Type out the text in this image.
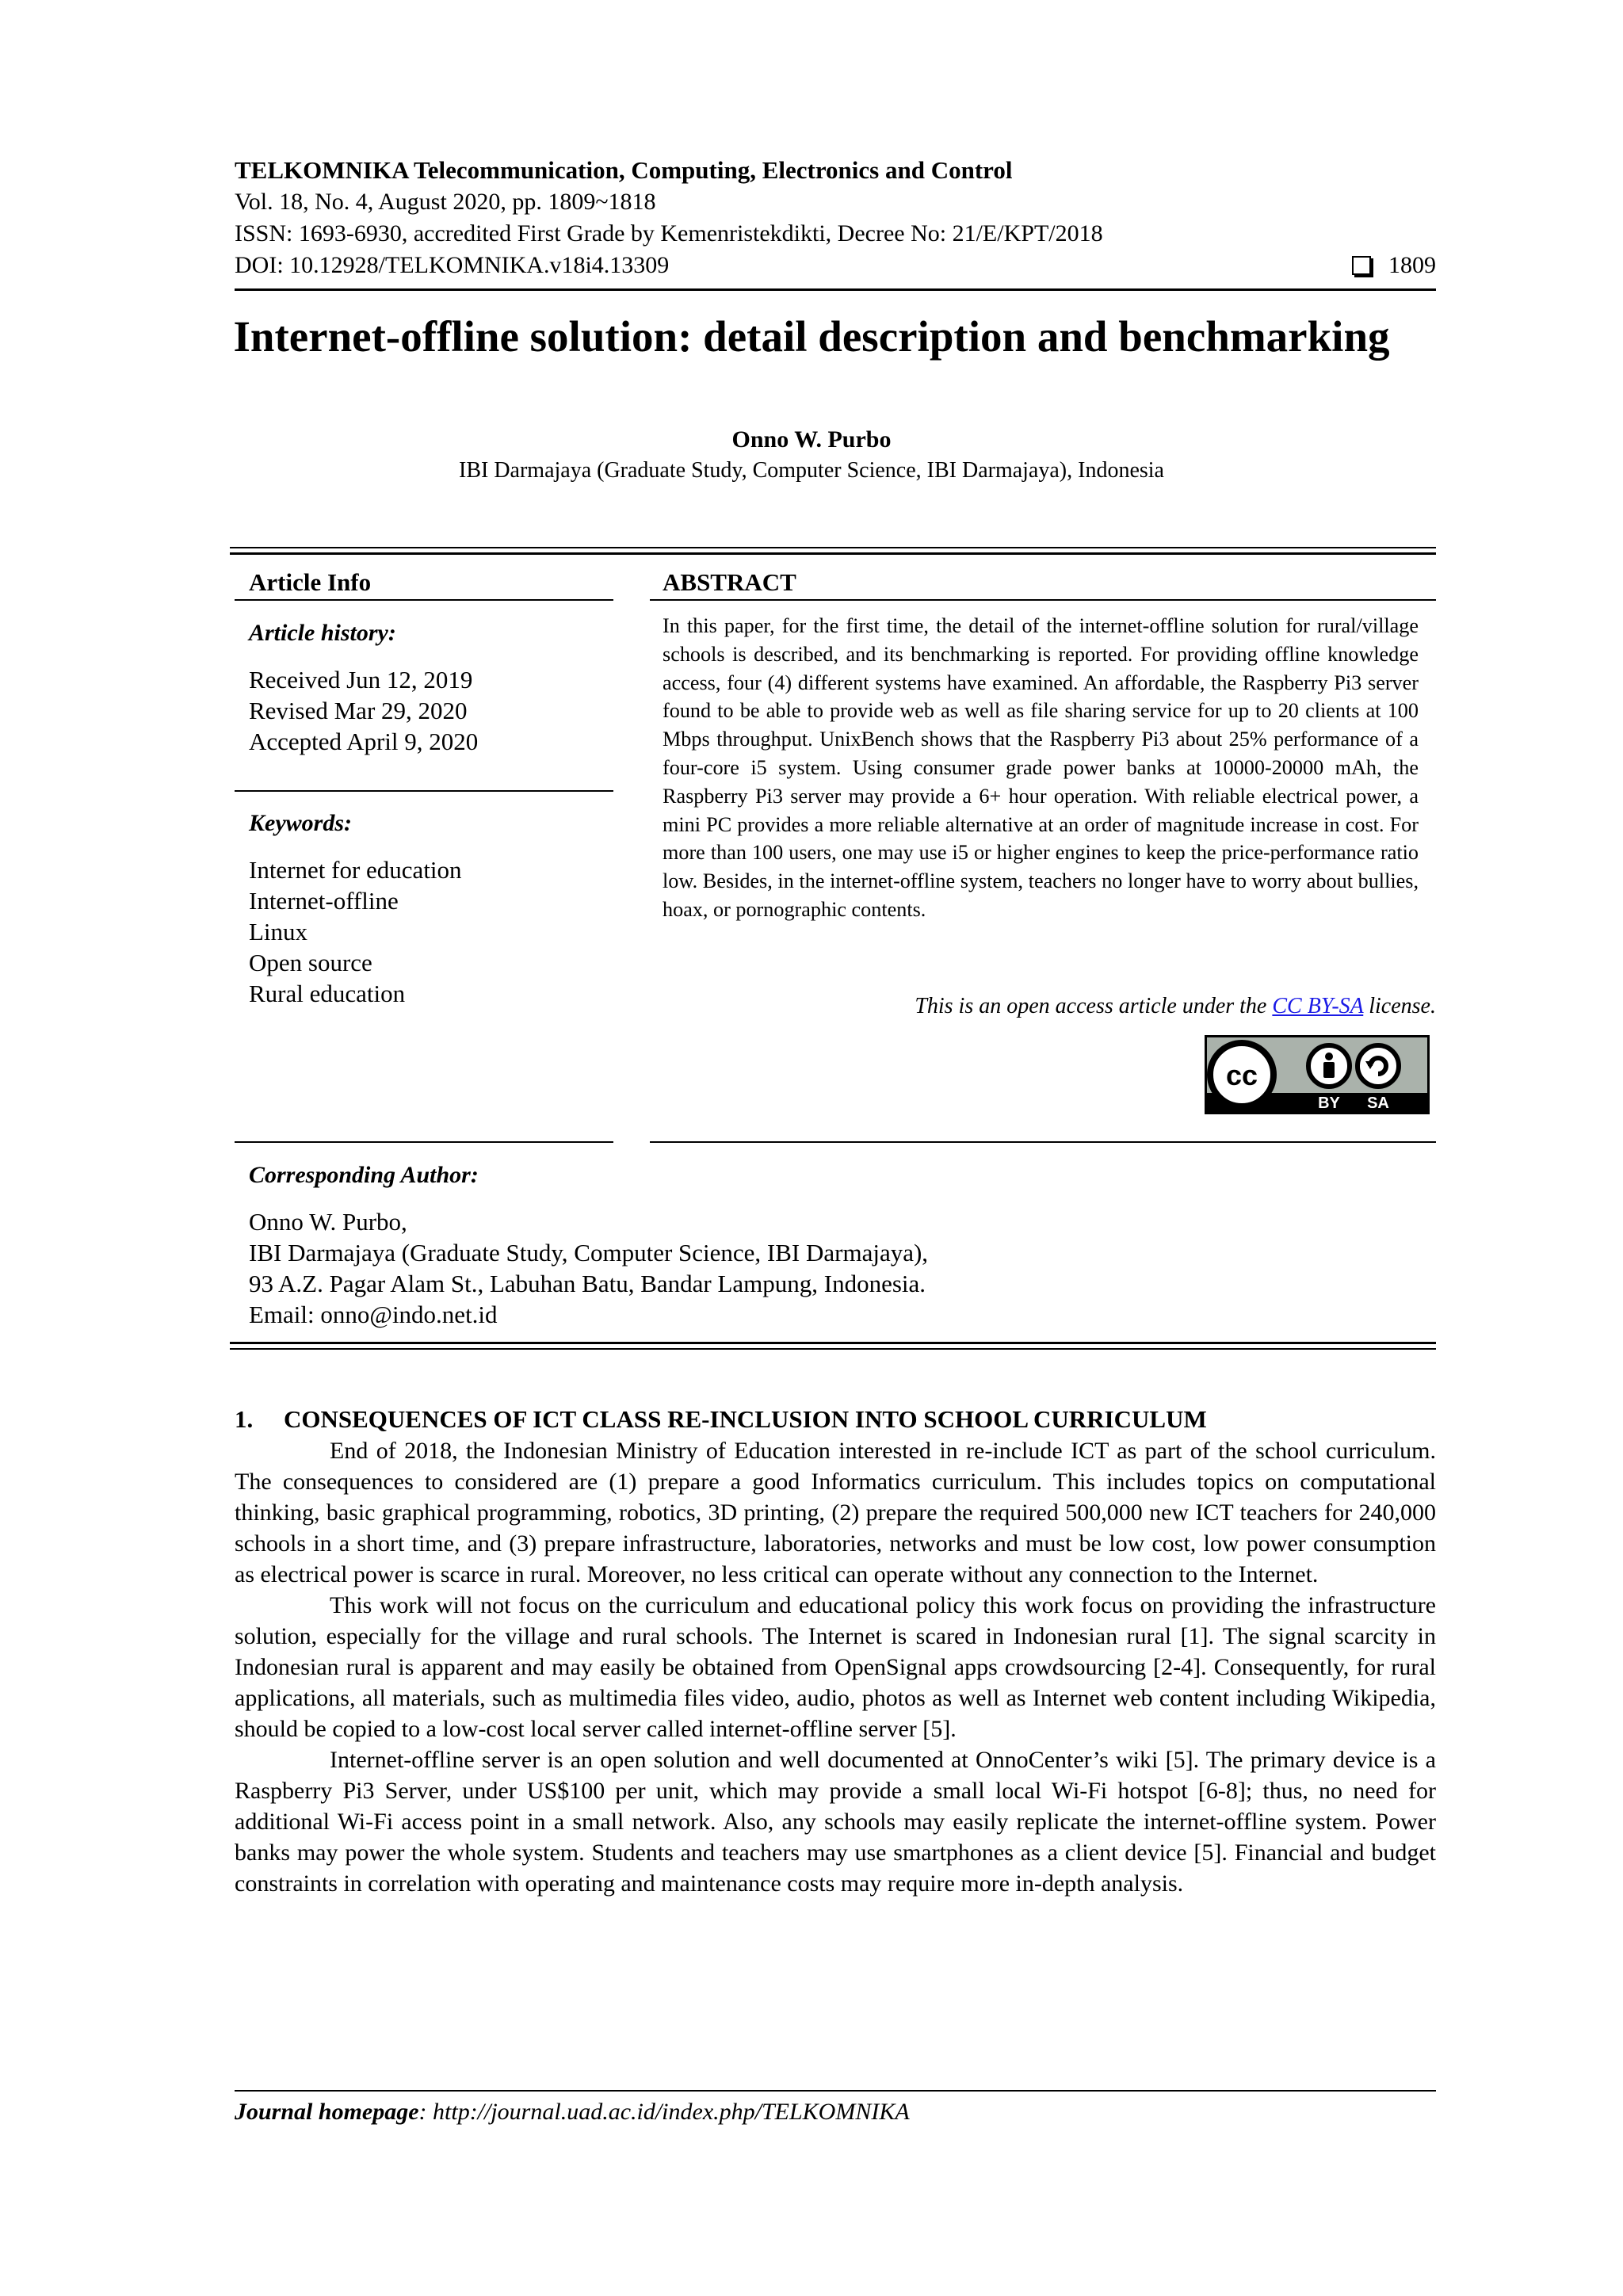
TELKOMNIKA Telecommunication, Computing, Electronics and Control
Vol. 18, No. 4, August 2020, pp. 1809~1818
ISSN: 1693-6930, accredited First Grade by Kemenristekdikti, Decree No: 21/E/KPT/2018
DOI: 10.12928/TELKOMNIKA.v18i4.13309	1809
Internet-offline solution: detail description and benchmarking
Onno W. Purbo
IBI Darmajaya (Graduate Study, Computer Science, IBI Darmajaya), Indonesia
Article Info
Article history:
Received Jun 12, 2019
Revised Mar 29, 2020
Accepted April 9, 2020
Keywords:
Internet for education
Internet-offline
Linux
Open source
Rural education
ABSTRACT

In this paper, for the first time, the detail of the internet-offline solution for rural/village schools is described, and its benchmarking is reported. For providing offline knowledge access, four (4) different systems have examined. An affordable, the Raspberry Pi3 server found to be able to provide web as well as file sharing service for up to 20 clients at 100 Mbps throughput. UnixBench shows that the Raspberry Pi3 about 25% performance of a four-core i5 system. Using consumer grade power banks at 10000-20000 mAh, the Raspberry Pi3 server may provide a 6+ hour operation. With reliable electrical power, a mini PC provides a more reliable alternative at an order of magnitude increase in cost. For more than 100 users, one may use i5 or higher engines to keep the price-performance ratio low. Besides, in the internet-offline system, teachers no longer have to worry about bullies, hoax, or pornographic contents.

This is an open access article under the CC BY-SA license.
cc
BY SA
Corresponding Author:
Onno W. Purbo,
IBI Darmajaya (Graduate Study, Computer Science, IBI Darmajaya),
93 A.Z. Pagar Alam St., Labuhan Batu, Bandar Lampung, Indonesia.
Email: onno@indo.net.id
1.     CONSEQUENCES OF ICT CLASS RE-INCLUSION INTO SCHOOL CURRICULUM

End of 2018, the Indonesian Ministry of Education interested in re-include ICT as part of the school curriculum. The consequences to considered are (1) prepare a good Informatics curriculum. This includes topics on computational thinking, basic graphical programming, robotics, 3D printing, (2) prepare the required 500,000 new ICT teachers for 240,000 schools in a short time, and (3) prepare infrastructure, laboratories, networks and must be low cost, low power consumption as electrical power is scarce in rural. Moreover, no less critical can operate without any connection to the Internet.

This work will not focus on the curriculum and educational policy this work focus on providing the infrastructure solution, especially for the village and rural schools. The Internet is scared in Indonesian rural [1]. The signal scarcity in Indonesian rural is apparent and may easily be obtained from OpenSignal apps crowdsourcing [2-4]. Consequently, for rural applications, all materials, such as multimedia files video, audio, photos as well as Internet web content including Wikipedia, should be copied to a low-cost local server called internet-offline server [5].

Internet-offline server is an open solution and well documented at OnnoCenter’s wiki [5]. The primary device is a Raspberry Pi3 Server, under US$100 per unit, which may provide a small local Wi-Fi hotspot [6-8]; thus, no need for additional Wi-Fi access point in a small network. Also, any schools may easily replicate the internet-offline system. Power banks may power the whole system. Students and teachers may use smartphones as a client device [5]. Financial and budget constraints in correlation with operating and maintenance costs may require more in-depth analysis.

Journal homepage: http://journal.uad.ac.id/index.php/TELKOMNIKA
